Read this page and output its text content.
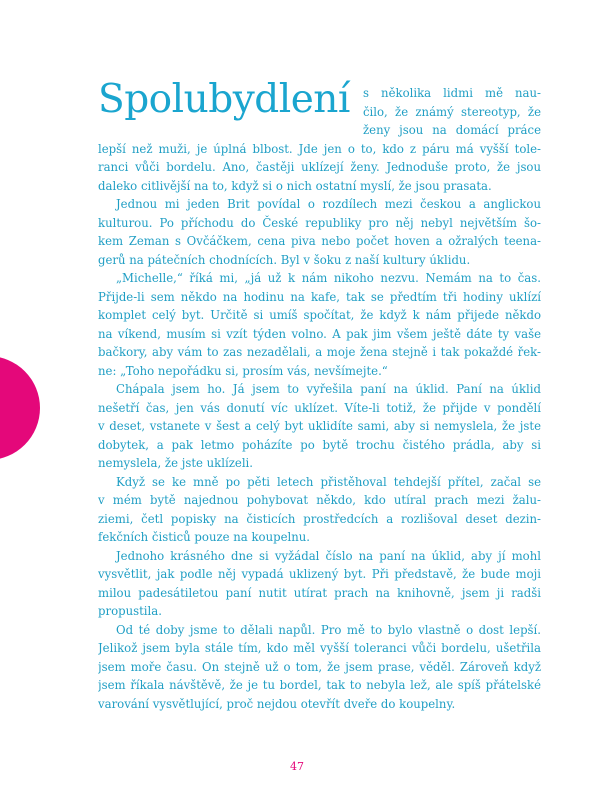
Spolubydlení s několika lidmi mě nau-
čilo, že známý stereotyp, že
ženy jsou na domácí práce
lepší než muži, je úplná blbost. Jde jen o to, kdo z páru má vyšší tole-
ranci vůči bordelu. Ano, častěji uklízejí ženy. Jednoduše proto, že jsou
daleko citlivější na to, když si o nich ostatní myslí, že jsou prasata.
Jednou mi jeden Brit povídal o rozdílech mezi českou a anglickou
kulturou. Po příchodu do České republiky pro něj nebyl největším šo-
kem Zeman s Ovčáčkem, cena piva nebo počet hoven a ožralých teena-
gerů na pátečních chodnících. Byl v šoku z naší kultury úklidu.
„Michelle,“ říká mi, „já už k nám nikoho nezvu. Nemám na to čas.
Přijde-li sem někdo na hodinu na kafe, tak se předtím tři hodiny uklízí
komplet celý byt. Určitě si umíš spočítat, že když k nám přijede někdo
na víkend, musím si vzít týden volno. A pak jim všem ještě dáte ty vaše
bačkory, aby vám to zas nezadělali, a moje žena stejně i tak pokaždé řek-
ne: „Toho nepořádku si, prosím vás, nevšímejte.“
Chápala jsem ho. Já jsem to vyřešila paní na úklid. Paní na úklid
nešetří čas, jen vás donutí víc uklízet. Víte-li totiž, že přijde v pondělí
v deset, vstanete v šest a celý byt uklidíte sami, aby si nemyslela, že jste
dobytek, a pak letmo poházíte po bytě trochu čistého prádla, aby si
nemyslela, že jste uklízeli.
Když se ke mně po pěti letech přistěhoval tehdejší přítel, začal se
v mém bytě najednou pohybovat někdo, kdo utíral prach mezi žalu-
ziemi, četl popisky na čisticích prostředcích a rozlišoval deset dezin-
fekčních čisticů pouze na koupelnu.
Jednoho krásného dne si vyžádal číslo na paní na úklid, aby jí mohl
vysvětlit, jak podle něj vypadá uklizený byt. Při představě, že bude moji
milou padesátiletou paní nutit utírat prach na knihovně, jsem ji radši
propustila.
Od té doby jsme to dělali napůl. Pro mě to bylo vlastně o dost lepší.
Jelikož jsem byla stále tím, kdo měl vyšší toleranci vůči bordelu, ušetřila
jsem moře času. On stejně už o tom, že jsem prase, věděl. Zároveň když
jsem říkala návštěvě, že je tu bordel, tak to nebyla lež, ale spíš přátelské
varování vysvětlující, proč nejdou otevřít dveře do koupelny.
47
